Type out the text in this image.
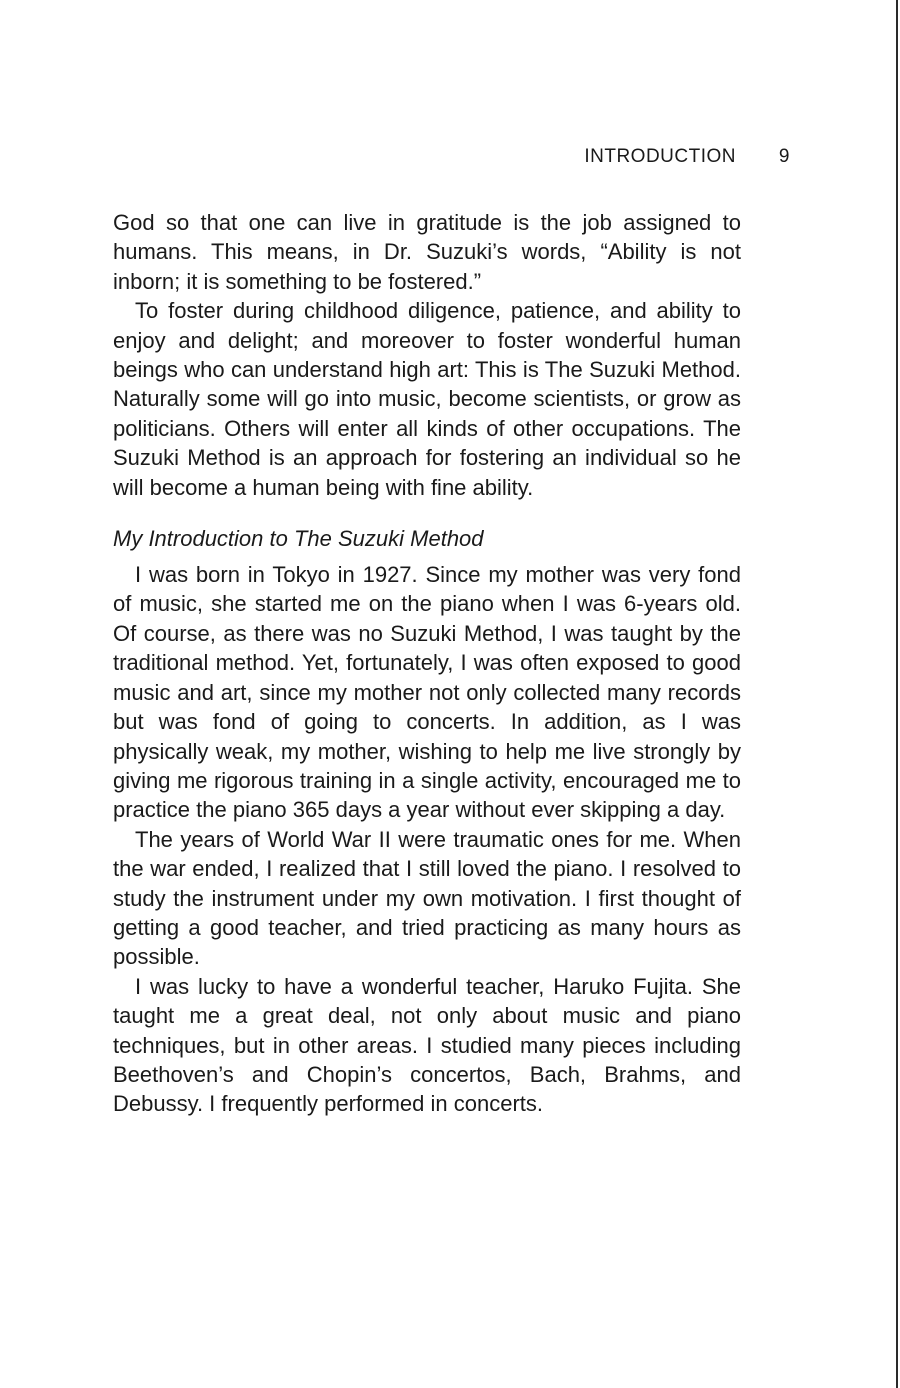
INTRODUCTION 9

God so that one can live in gratitude is the job assigned to humans. This means, in Dr. Suzuki’s words, “Ability is not inborn; it is something to be fostered.”

To foster during childhood diligence, patience, and ability to enjoy and delight; and moreover to foster wonderful human beings who can understand high art: This is The Suzuki Method. Naturally some will go into music, become scientists, or grow as politicians. Others will enter all kinds of other occupations. The Suzuki Method is an approach for fostering an individual so he will become a human being with fine ability.

My Introduction to The Suzuki Method

I was born in Tokyo in 1927. Since my mother was very fond of music, she started me on the piano when I was 6-years old. Of course, as there was no Suzuki Method, I was taught by the traditional method. Yet, fortunately, I was often exposed to good music and art, since my mother not only collected many records but was fond of going to concerts. In addition, as I was physically weak, my mother, wishing to help me live strongly by giving me rigorous training in a single activity, encouraged me to practice the piano 365 days a year without ever skipping a day.

The years of World War II were traumatic ones for me. When the war ended, I realized that I still loved the piano. I resolved to study the instrument under my own motivation. I first thought of getting a good teacher, and tried practicing as many hours as possible.

I was lucky to have a wonderful teacher, Haruko Fujita. She taught me a great deal, not only about music and piano techniques, but in other areas. I studied many pieces including Beethoven’s and Chopin’s concertos, Bach, Brahms, and Debussy. I frequently performed in concerts.
